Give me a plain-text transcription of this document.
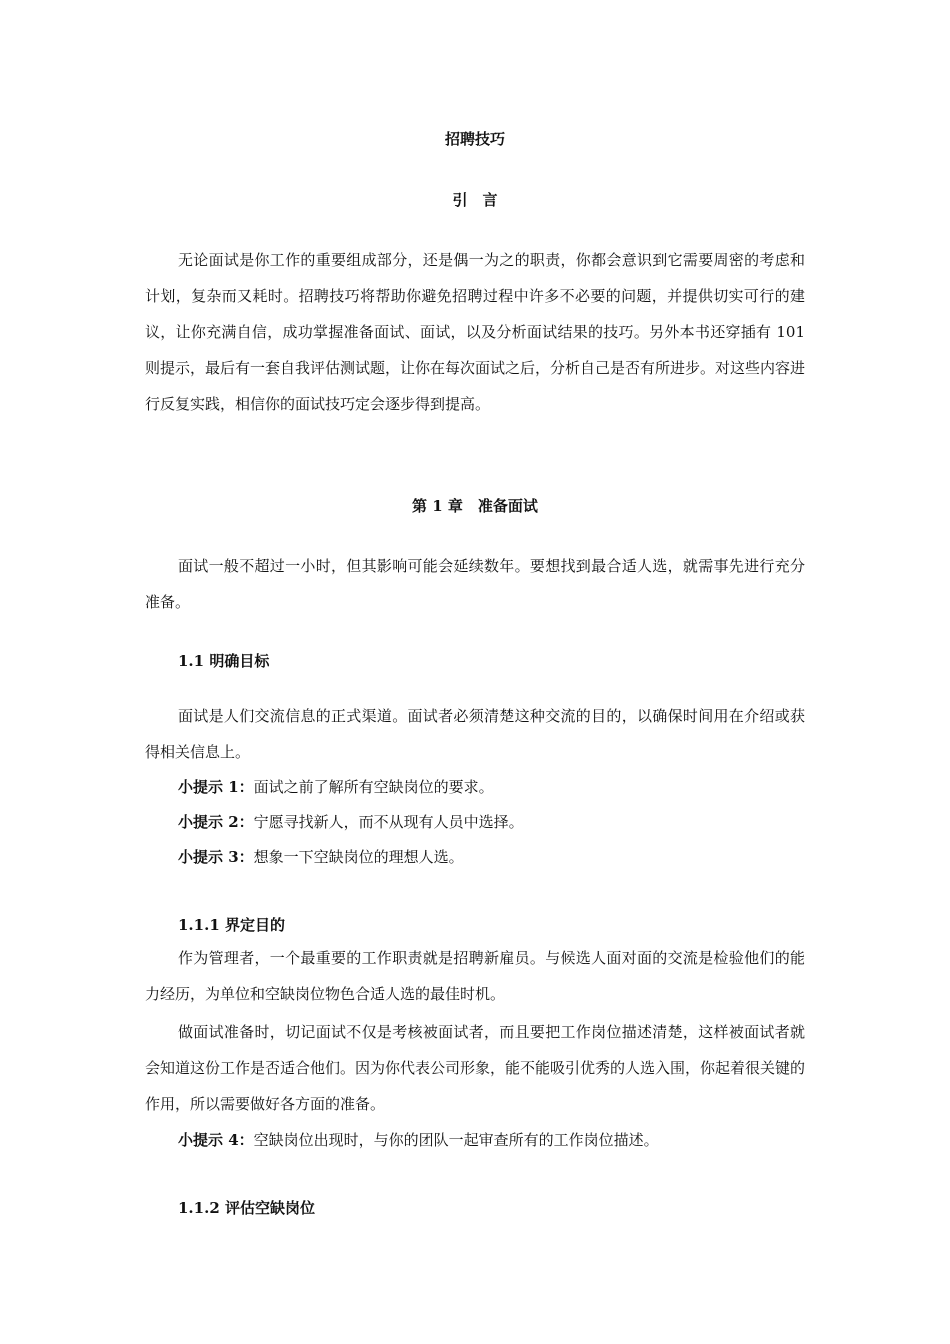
招聘技巧
引　言
无论面试是你工作的重要组成部分，还是偶一为之的职责，你都会意识到它需要周密的考虑和计划，复杂而又耗时。招聘技巧将帮助你避免招聘过程中许多不必要的问题，并提供切实可行的建议，让你充满自信，成功掌握准备面试、面试，以及分析面试结果的技巧。另外本书还穿插有 101 则提示，最后有一套自我评估测试题，让你在每次面试之后，分析自己是否有所进步。对这些内容进行反复实践，相信你的面试技巧定会逐步得到提高。
第 1 章　准备面试
面试一般不超过一小时，但其影响可能会延续数年。要想找到最合适人选，就需事先进行充分准备。
1.1 明确目标
面试是人们交流信息的正式渠道。面试者必须清楚这种交流的目的，以确保时间用在介绍或获得相关信息上。
小提示 1：面试之前了解所有空缺岗位的要求。
小提示 2：宁愿寻找新人，而不从现有人员中选择。
小提示 3：想象一下空缺岗位的理想人选。
1.1.1 界定目的
作为管理者，一个最重要的工作职责就是招聘新雇员。与候选人面对面的交流是检验他们的能力经历，为单位和空缺岗位物色合适人选的最佳时机。
做面试准备时，切记面试不仅是考核被面试者，而且要把工作岗位描述清楚，这样被面试者就会知道这份工作是否适合他们。因为你代表公司形象，能不能吸引优秀的人选入围，你起着很关键的作用，所以需要做好各方面的准备。
小提示 4：空缺岗位出现时，与你的团队一起审查所有的工作岗位描述。
1.1.2 评估空缺岗位
